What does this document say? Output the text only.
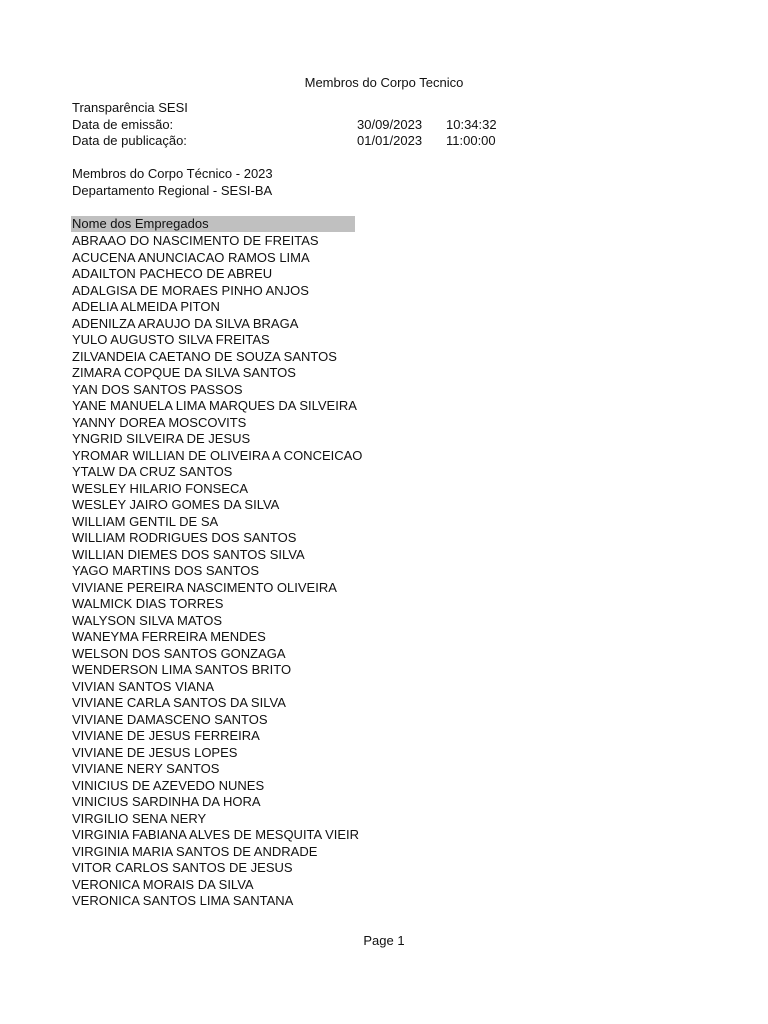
Membros do Corpo Tecnico
Transparência SESI
Data de emissão:	30/09/2023 10:34:32
Data de publicação:	01/01/2023 11:00:00
Membros do Corpo Técnico - 2023
Departamento Regional - SESI-BA
Nome dos Empregados
ABRAAO DO NASCIMENTO DE FREITAS
ACUCENA ANUNCIACAO RAMOS LIMA
ADAILTON PACHECO DE ABREU
ADALGISA DE MORAES PINHO ANJOS
ADELIA ALMEIDA PITON
ADENILZA ARAUJO DA SILVA BRAGA
YULO AUGUSTO SILVA FREITAS
ZILVANDEIA CAETANO DE SOUZA SANTOS
ZIMARA COPQUE DA SILVA SANTOS
YAN DOS SANTOS PASSOS
YANE MANUELA LIMA MARQUES DA SILVEIRA
YANNY DOREA MOSCOVITS
YNGRID SILVEIRA DE JESUS
YROMAR WILLIAN DE OLIVEIRA A CONCEICAO
YTALW DA CRUZ SANTOS
WESLEY HILARIO FONSECA
WESLEY JAIRO GOMES DA SILVA
WILLIAM GENTIL DE SA
WILLIAM RODRIGUES DOS SANTOS
WILLIAN DIEMES DOS SANTOS SILVA
YAGO MARTINS DOS SANTOS
VIVIANE PEREIRA NASCIMENTO OLIVEIRA
WALMICK DIAS TORRES
WALYSON SILVA MATOS
WANEYMA FERREIRA MENDES
WELSON DOS SANTOS GONZAGA
WENDERSON LIMA SANTOS BRITO
VIVIAN SANTOS VIANA
VIVIANE CARLA SANTOS DA SILVA
VIVIANE DAMASCENO SANTOS
VIVIANE DE JESUS FERREIRA
VIVIANE DE JESUS LOPES
VIVIANE NERY SANTOS
VINICIUS DE AZEVEDO NUNES
VINICIUS SARDINHA DA HORA
VIRGILIO SENA NERY
VIRGINIA FABIANA ALVES DE MESQUITA VIEIR
VIRGINIA MARIA SANTOS DE ANDRADE
VITOR CARLOS SANTOS DE JESUS
VERONICA MORAIS DA SILVA
VERONICA SANTOS LIMA SANTANA
Page 1
